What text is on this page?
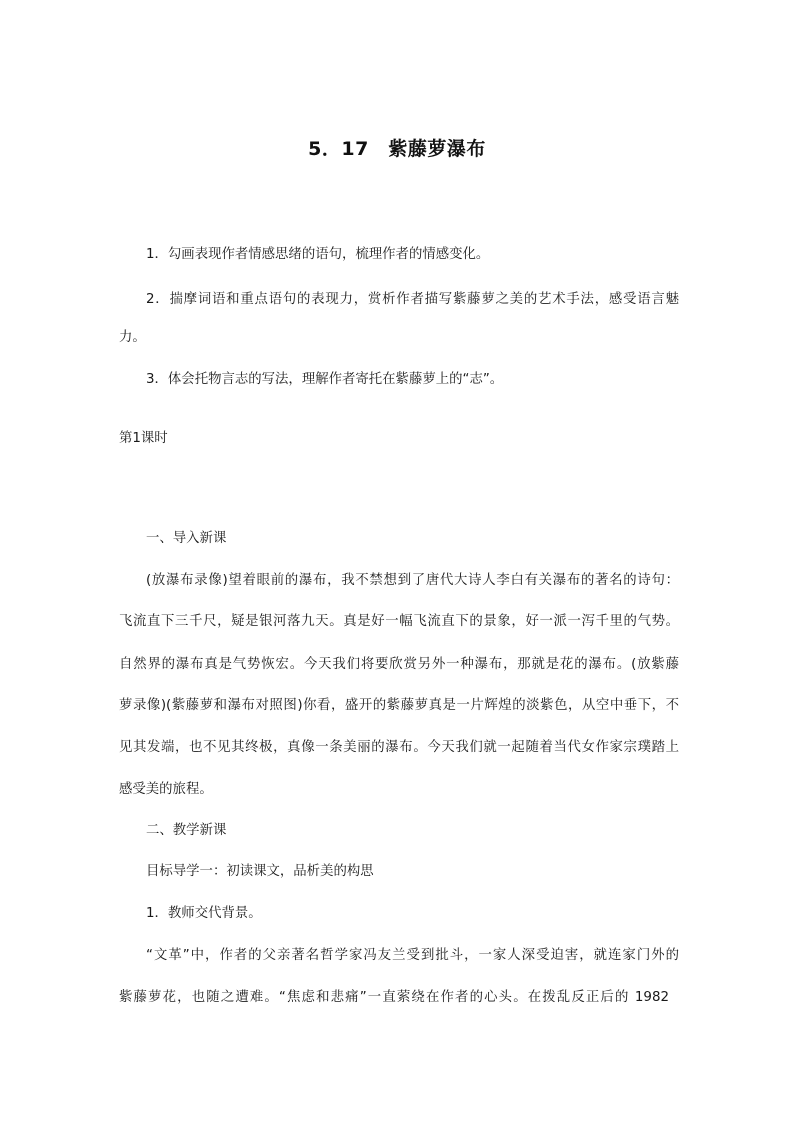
5．17　紫藤萝瀑布
1．勾画表现作者情感思绪的语句，梳理作者的情感变化。
2．揣摩词语和重点语句的表现力，赏析作者描写紫藤萝之美的艺术手法，感受语言魅
力。
3．体会托物言志的写法，理解作者寄托在紫藤萝上的“志”。
第1课时
一、导入新课
(放瀑布录像)望着眼前的瀑布，我不禁想到了唐代大诗人李白有关瀑布的著名的诗句：
飞流直下三千尺，疑是银河落九天。真是好一幅飞流直下的景象，好一派一泻千里的气势。
自然界的瀑布真是气势恢宏。今天我们将要欣赏另外一种瀑布，那就是花的瀑布。(放紫藤
萝录像)(紫藤萝和瀑布对照图)你看，盛开的紫藤萝真是一片辉煌的淡紫色，从空中垂下，不
见其发端，也不见其终极，真像一条美丽的瀑布。今天我们就一起随着当代女作家宗璞踏上
感受美的旅程。
二、教学新课
目标导学一：初读课文，品析美的构思
1．教师交代背景。
“文革”中，作者的父亲著名哲学家冯友兰受到批斗，一家人深受迫害，就连家门外的
紫藤萝花，也随之遭难。“焦虑和悲痛”一直萦绕在作者的心头。在拨乱反正后的 1982
